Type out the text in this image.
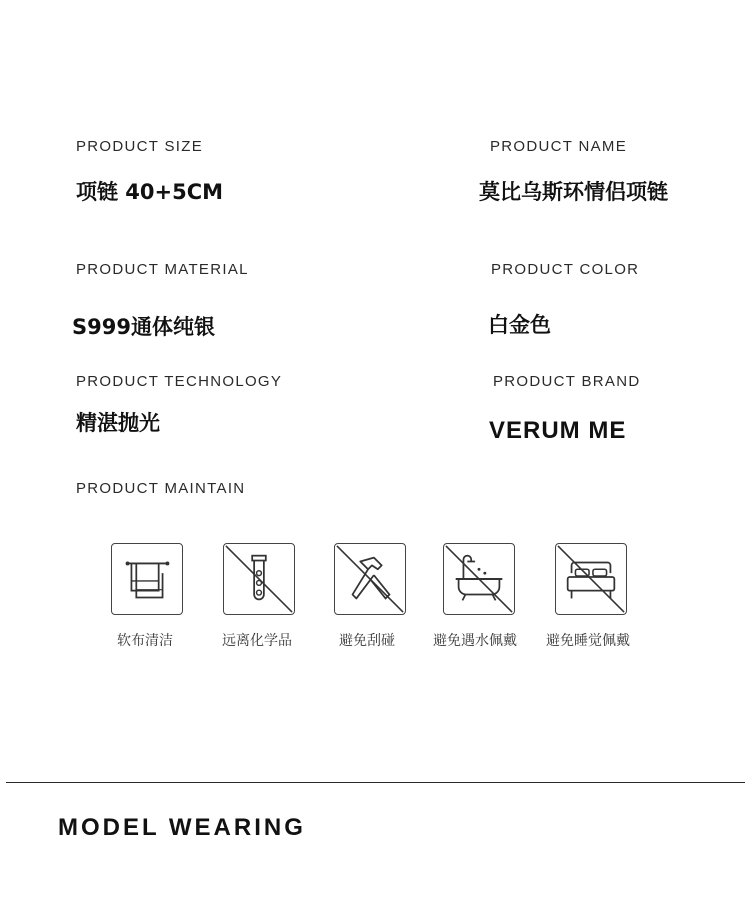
PRODUCT SIZE
项链 40+5CM
PRODUCT NAME
莫比乌斯环情侣项链
PRODUCT MATERIAL
S999通体纯银
PRODUCT COLOR
白金色
PRODUCT TECHNOLOGY
精湛抛光
PRODUCT BRAND
VERUM ME
PRODUCT MAINTAIN
软布清洁	远离化学品	避免刮碰	避免遇水佩戴 避免睡觉佩戴
MODEL WEARING
